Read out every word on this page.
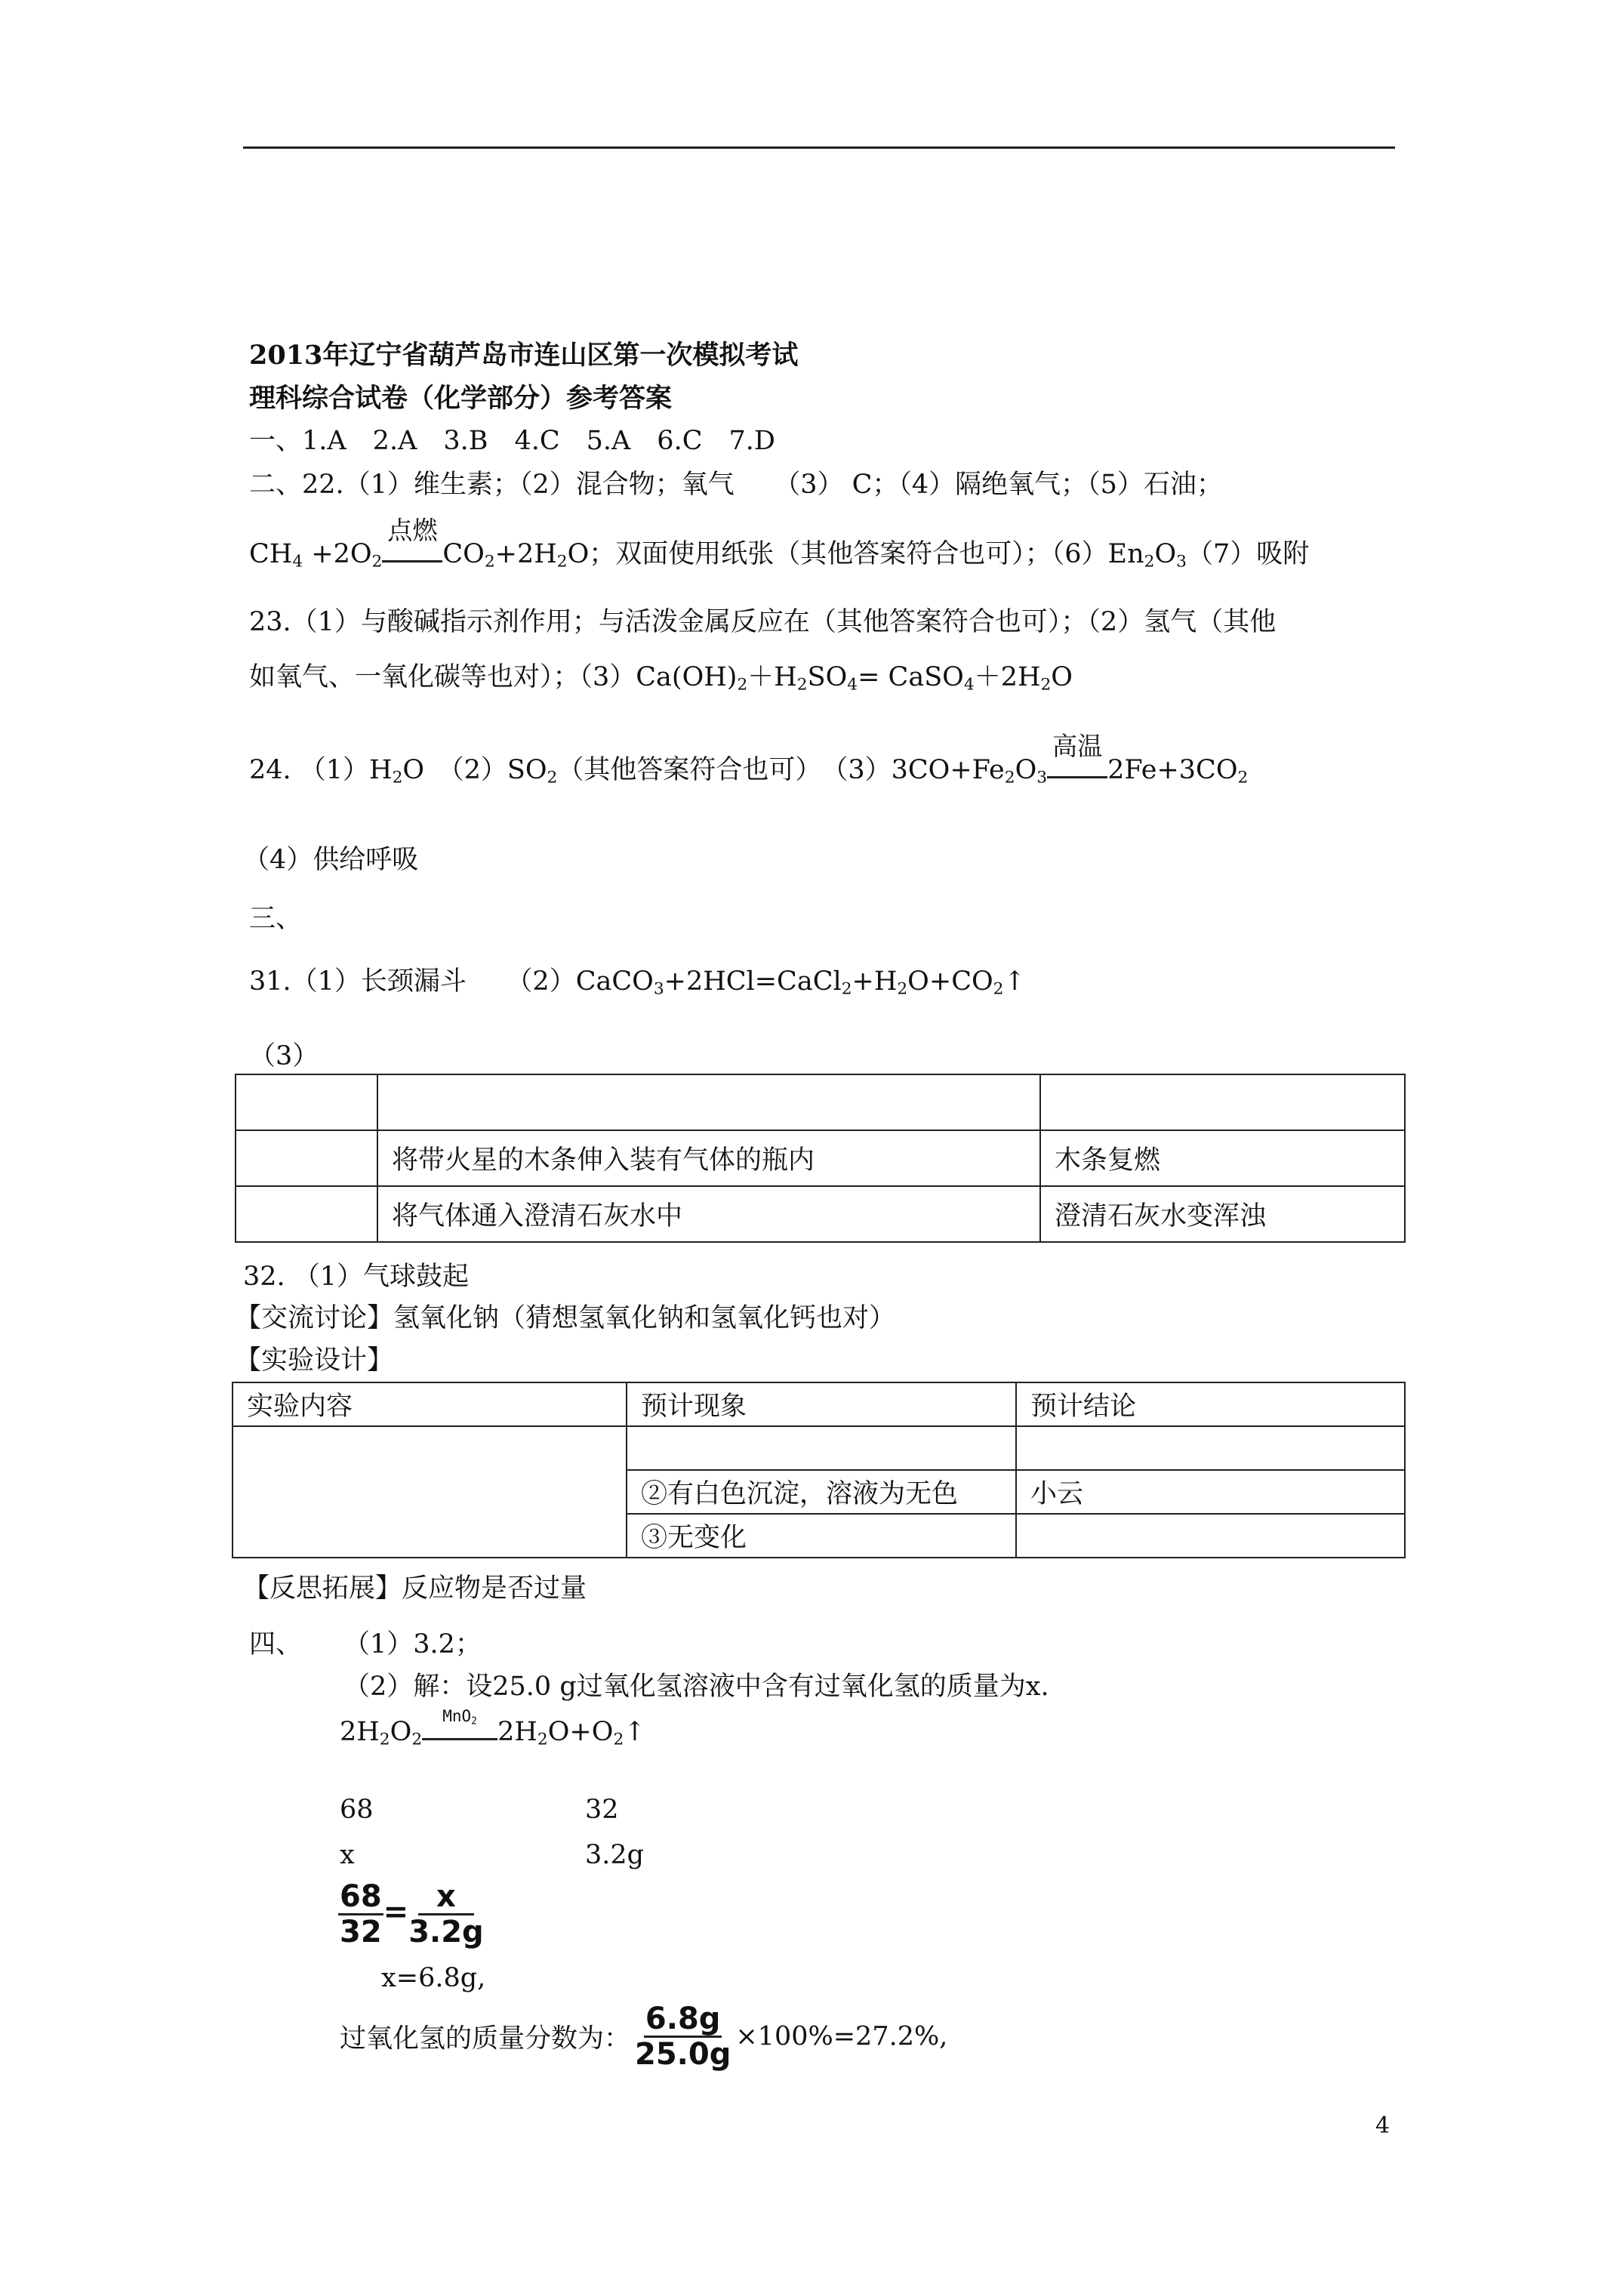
2013年辽宁省葫芦岛市连山区第一次模拟考试
理科综合试卷（化学部分）参考答案
一、1.A　2.A　3.B　4.C　5.A　6.C　7.D
二、22.（1）维生素；（2）混合物；氧气　　（3） C；（4）隔绝氧气；（5）石油；
$CH_4 +2O_2$
点燃
$CO_2+2H_2O$；双面使用纸张（其他答案符合也可）；$(6)En_2O_3(7)$吸附
23.（1）与酸碱指示剂作用；与活泼金属反应在（其他答案符合也可）；（2）氢气（其他
如氧气、一氧化碳等也对）；$(3)Ca(OH)_2+H_2SO_4=$ $CaSO_4+2H_2O$
24. $(1)H_2O$　$(2)SO_2$（其他答案符合也可）　$(3)3CO+Fe_2O_3$
高温
$2Fe+3CO_2$
（4）供给呼吸
三、
31.（1）长颈漏斗　　$(2)CaCO_3+2HCl=CaCl_2+H_2O+CO_2↑$
（3）

	将带火星的木条伸入装有气体的瓶内	木条复燃
	将气体通入澄清石灰水中	澄清石灰水变浑浊
32. （1）气球鼓起
【交流讨论】氢氧化钠（猜想氢氧化钠和氢氧化钙也对）
【实验设计】
实验内容	预计现象	预计结论

	②有白色沉淀，溶液为无色	小云
	③无变化	
【反思拓展】反应物是否过量
四、 （1）3.2；
（2）解：设25.0 g过氧化氢溶液中含有过氧化氢的质量为x.
$2H_2O_2$
MnO$_2$ $2H_2O+O_2↑$
68	32
x	3.2g
$\frac{68}{32} = \frac{x}{3.2g}$
x=6.8g,
过氧化氢的质量分数为： $\frac{6.8g}{25.0g} \times 100\%=27.2\%$,
4
